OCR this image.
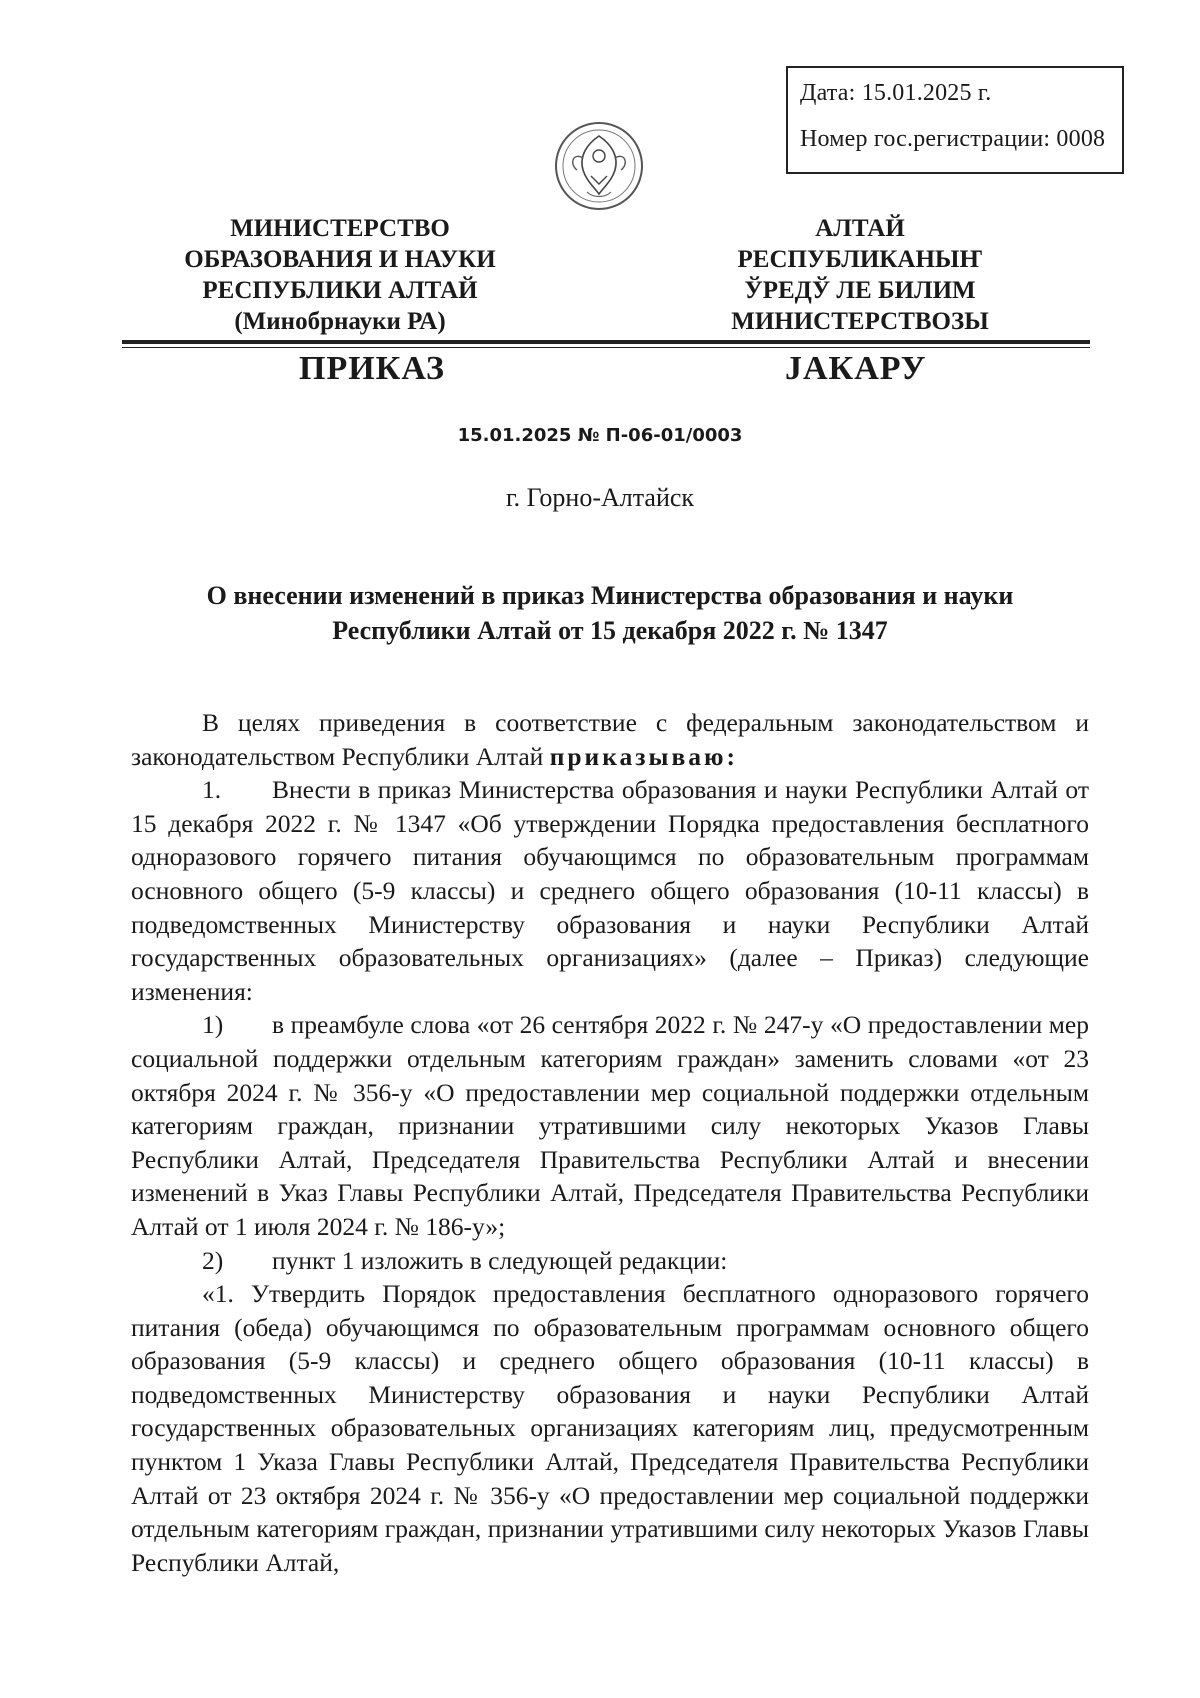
Дата: 15.01.2025 г.
Номер гос.регистрации: 0008
МИНИСТЕРСТВО
ОБРАЗОВАНИЯ И НАУКИ
РЕСПУБЛИКИ АЛТАЙ
(Минобрнауки РА)
АЛТАЙ РЕСПУБЛИКАНЫҤ
ЎРЕДЎ ЛЕ БИЛИМ
МИНИСТЕРСТВОЗЫ
ПРИКАЗ	ЈАКАРУ
15.01.2025 № П-06-01/0003
г. Горно-Алтайск
О внесении изменений в приказ Министерства образования и науки
Республики Алтай от 15 декабря 2022 г. № 1347

В целях приведения в соответствие с федеральным законодательством и законодательством Республики Алтай приказываю:

1. Внести в приказ Министерства образования и науки Республики Алтай от 15 декабря 2022 г. № 1347 «Об утверждении Порядка предоставления бесплатного одноразового горячего питания обучающимся по образовательным программам основного общего (5-9 классы) и среднего общего образования (10-11 классы) в подведомственных Министерству образования и науки Республики Алтай государственных образовательных организациях» (далее – Приказ) следующие изменения:

1) в преамбуле слова «от 26 сентября 2022 г. № 247-у «О предоставлении мер социальной поддержки отдельным категориям граждан» заменить словами «от 23 октября 2024 г. № 356-у «О предоставлении мер социальной поддержки отдельным категориям граждан, признании утратившими силу некоторых Указов Главы Республики Алтай, Председателя Правительства Республики Алтай и внесении изменений в Указ Главы Республики Алтай, Председателя Правительства Республики Алтай от 1 июля 2024 г. № 186-у»;

2) пункт 1 изложить в следующей редакции:

«1. Утвердить Порядок предоставления бесплатного одноразового горячего питания (обеда) обучающимся по образовательным программам основного общего образования (5-9 классы) и среднего общего образования (10-11 классы) в подведомственных Министерству образования и науки Республики Алтай государственных образовательных организациях категориям лиц, предусмотренным пунктом 1 Указа Главы Республики Алтай, Председателя Правительства Республики Алтай от 23 октября 2024 г. № 356-у «О предоставлении мер социальной поддержки отдельным категориям граждан, признании утратившими силу некоторых Указов Главы Республики Алтай,
